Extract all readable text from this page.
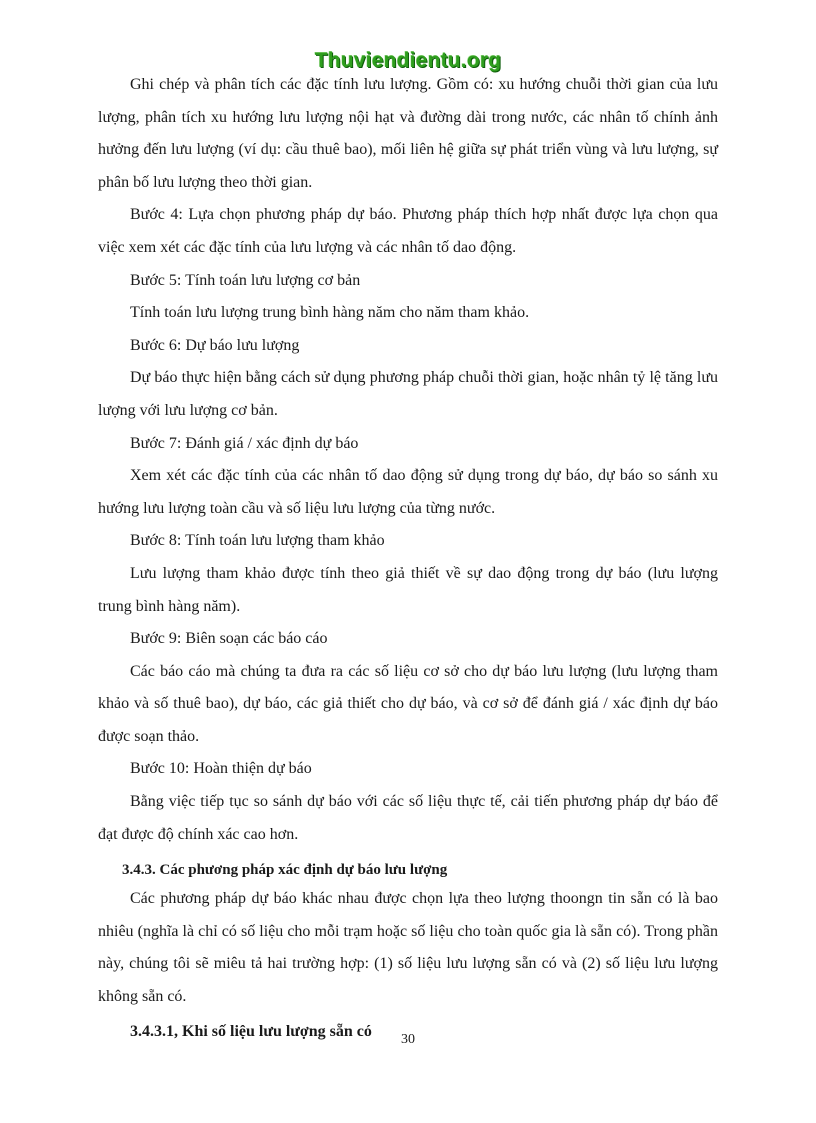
Thuviendientu.org

Ghi chép và phân tích các đặc tính lưu lượng. Gồm có: xu hướng chuỗi thời gian của lưu lượng, phân tích xu hướng lưu lượng nội hạt và đường dài trong nước, các nhân tố chính ảnh hưởng đến lưu lượng (ví dụ: cầu thuê bao), mối liên hệ giữa sự phát triển vùng và lưu lượng, sự phân bố lưu lượng theo thời gian.

Bước 4: Lựa chọn phương pháp dự báo. Phương pháp thích hợp nhất được lựa chọn qua việc xem xét các đặc tính của lưu lượng và các nhân tố dao động.

Bước 5: Tính toán lưu lượng cơ bản

Tính toán lưu lượng trung bình hàng năm cho năm tham khảo.

Bước 6: Dự báo lưu lượng

Dự báo thực hiện bằng cách sử dụng phương pháp chuỗi thời gian, hoặc nhân tỷ lệ tăng lưu lượng với lưu lượng cơ bản.

Bước 7: Đánh giá / xác định dự báo

Xem xét các đặc tính của các nhân tố dao động sử dụng trong dự báo, dự báo so sánh xu hướng lưu lượng toàn cầu và số liệu lưu lượng của từng nước.

Bước 8: Tính toán lưu lượng tham khảo

Lưu lượng tham khảo được tính theo giả thiết về sự dao động trong dự báo (lưu lượng trung bình hàng năm).

Bước 9: Biên soạn các báo cáo

Các báo cáo mà chúng ta đưa ra các số liệu cơ sở cho dự báo lưu lượng (lưu lượng tham khảo và số thuê bao), dự báo, các giả thiết cho dự báo, và cơ sở để đánh giá / xác định dự báo được soạn thảo.

Bước 10: Hoàn thiện dự báo

Bằng việc tiếp tục so sánh dự báo với các số liệu thực tế, cải tiến phương pháp dự báo để đạt được độ chính xác cao hơn.

3.4.3. Các phương pháp xác định dự báo lưu lượng

Các phương pháp dự báo khác nhau được chọn lựa theo lượng thoongn tin sẵn có là bao nhiêu (nghĩa là chỉ có số liệu cho mỗi trạm hoặc số liệu cho toàn quốc gia là sẵn có). Trong phần này, chúng tôi sẽ miêu tả hai trường hợp: (1) số liệu lưu lượng sẵn có và (2) số liệu lưu lượng không sẵn có.

3.4.3.1, Khi số liệu lưu lượng sẵn có	30
